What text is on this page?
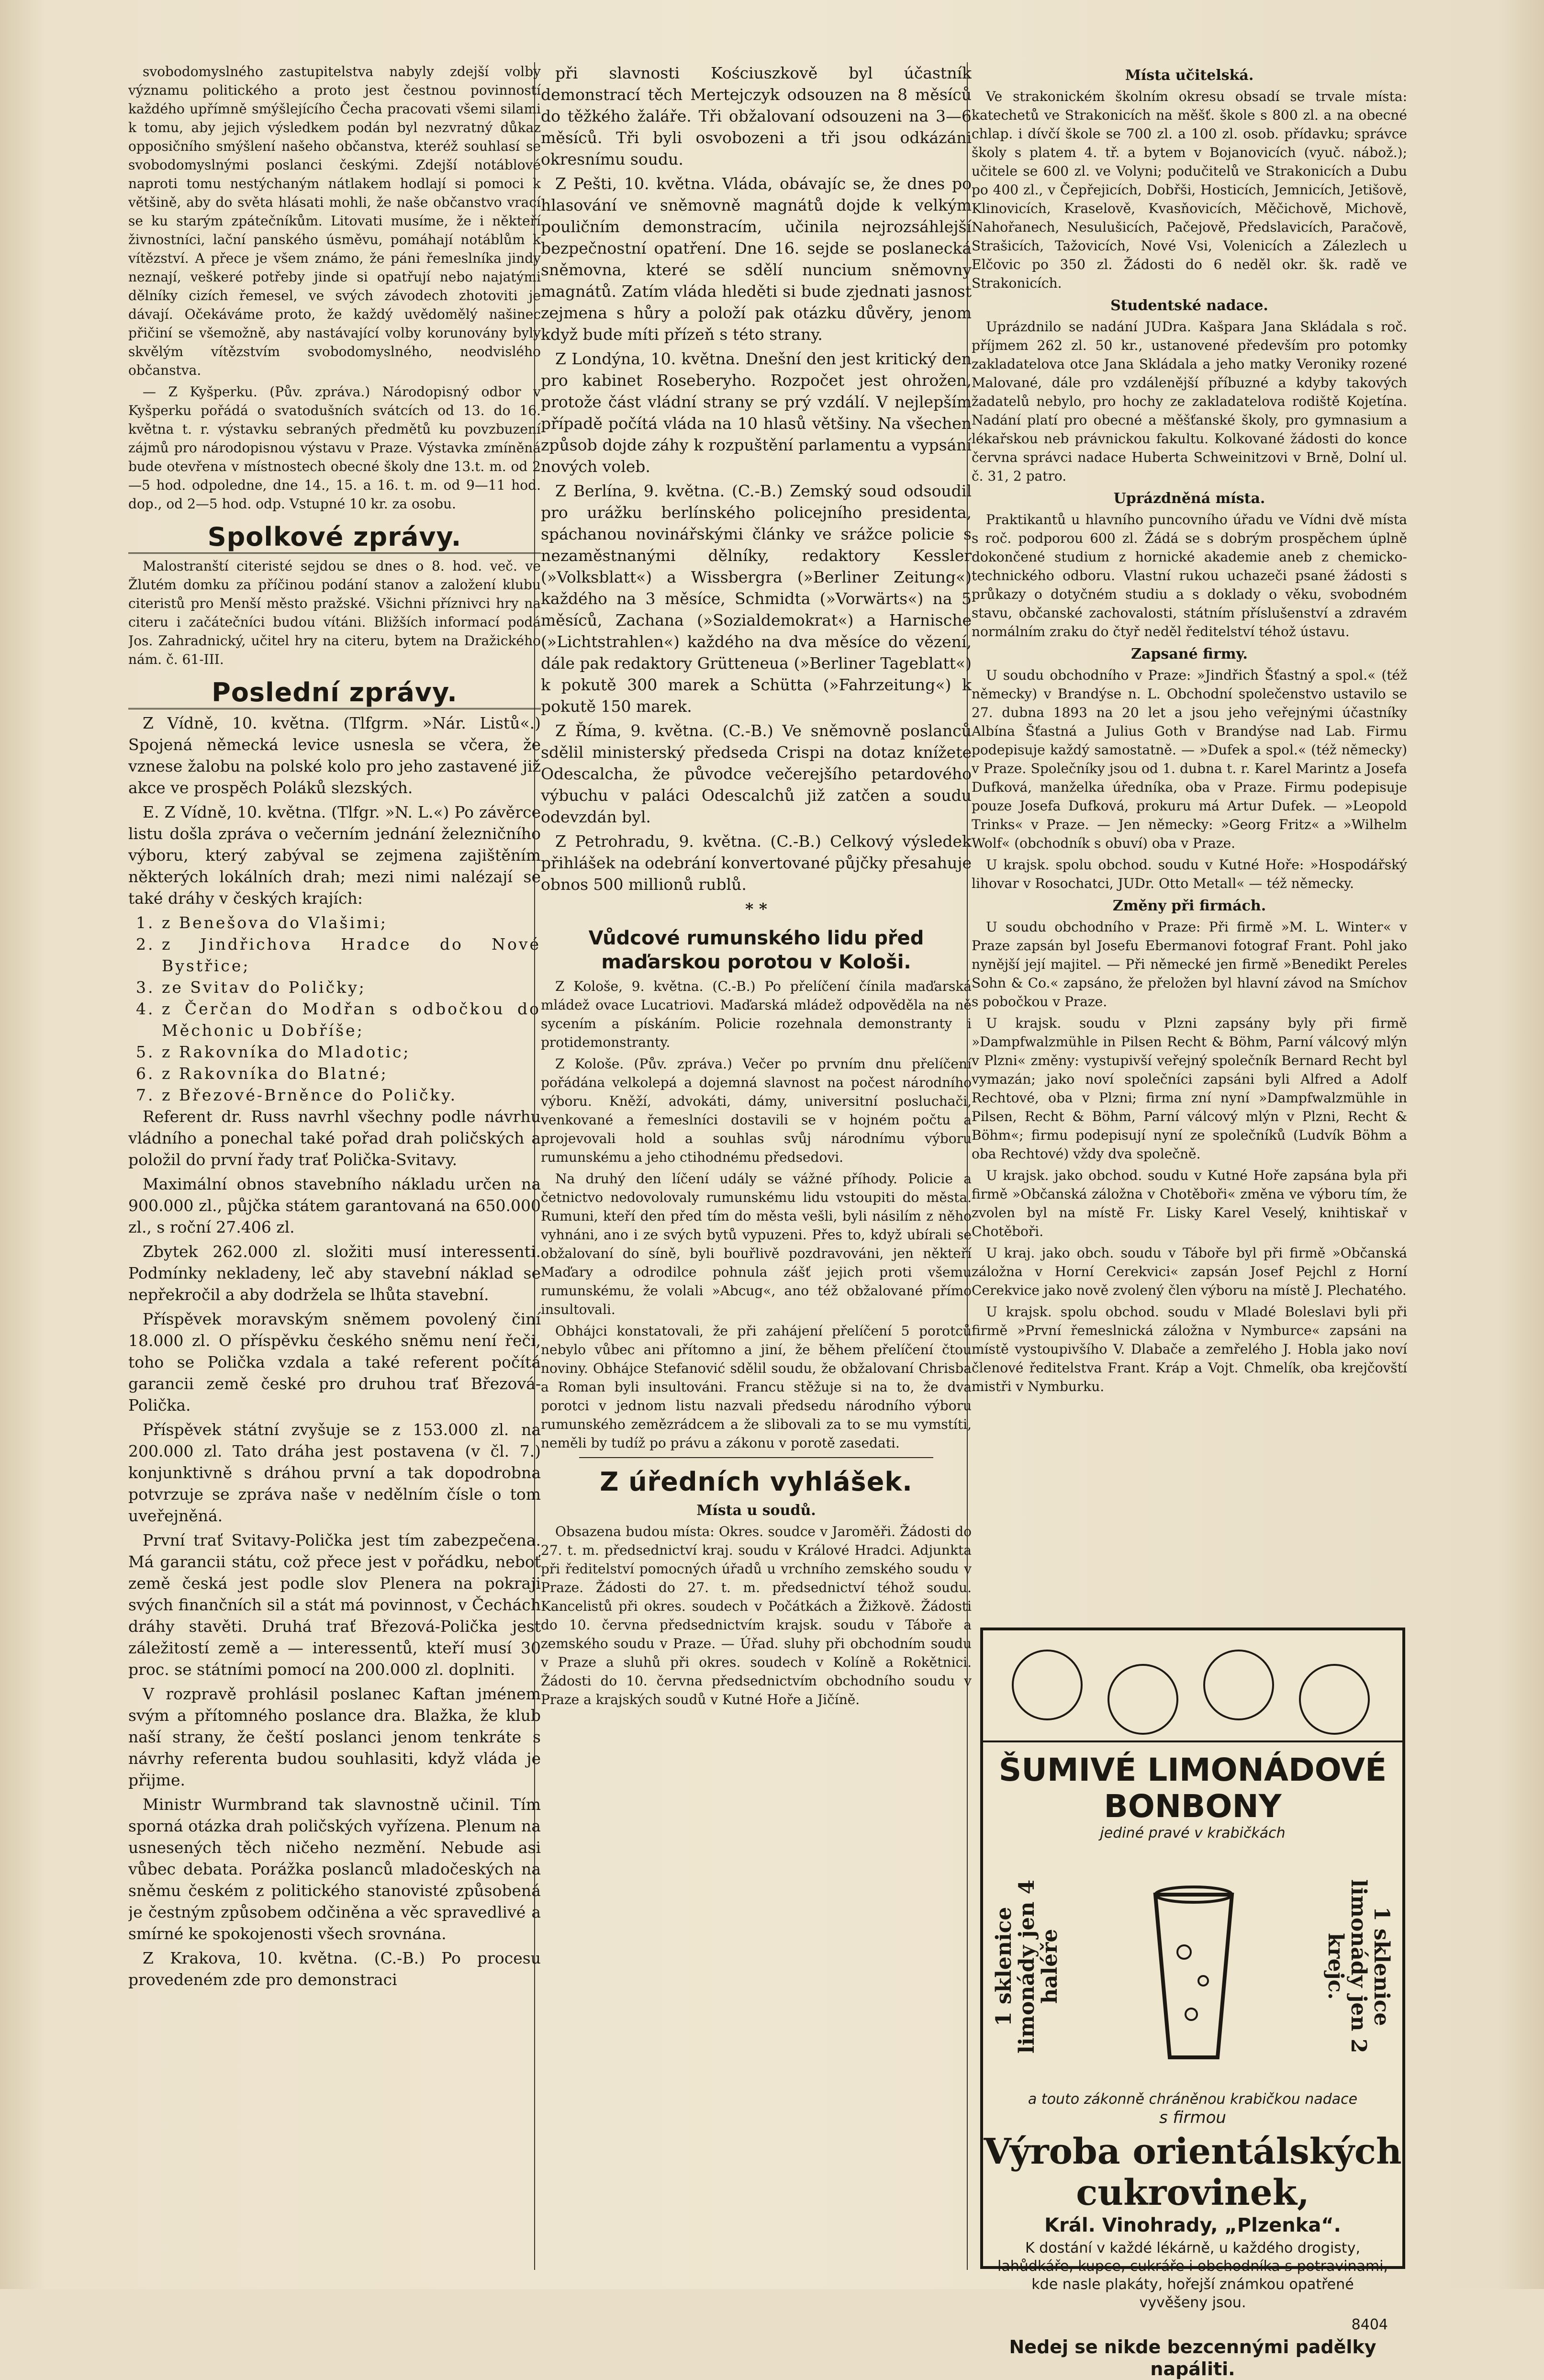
svobodomyslného zastupitelstva nabyly zdejší volby významu politického a proto jest čestnou povinností každého upřímně smýšlejícího Čecha pracovati všemi silami k tomu, aby jejich výsledkem podán byl nezvratný důkaz opposičního smýšlení našeho občanstva, kteréž souhlasí se svobodomyslnými poslanci českými. Zdejší notáblové naproti tomu nestýchaným nátlakem hodlají si pomoci k většině, aby do světa hlásati mohli, že naše občanstvo vrací se ku starým zpátečníkům. Litovati musíme, že i někteří živnostníci, lační panského úsměvu, pomáhají notáblům k vítězství. A přece je všem známo, že páni řemeslníka jindy neznají, veškeré potřeby jinde si opatřují nebo najatými dělníky cizích řemesel, ve svých závodech zhotoviti je dávají. Očekáváme proto, že každý uvědomělý našinec přičiní se všemožně, aby nastávající volby korunovány byly skvělým vítězstvím svobodomyslného, neodvislého občanstva.

— Z Kyšperku. (Pův. zpráva.) Národopisný odbor v Kyšperku pořádá o svatodušních svátcích od 13. do 16. května t. r. výstavku sebraných předmětů ku povzbuzení zájmů pro národopisnou výstavu v Praze. Výstavka zmíněná bude otevřena v místnostech obecné školy dne 13.t. m. od 2—5 hod. odpoledne, dne 14., 15. a 16. t. m. od 9—11 hod. dop., od 2—5 hod. odp. Vstupné 10 kr. za osobu.

Spolkové zprávy.

Malostranští citeristé sejdou se dnes o 8. hod. več. ve Žlutém domku za příčinou podání stanov a založení klubu citeristů pro Menší město pražské. Všichni příznivci hry na citeru i začátečníci budou vítáni. Bližších informací podá Jos. Zahradnický, učitel hry na citeru, bytem na Dražického nám. č. 61-III.

Poslední zprávy.

Z Vídně, 10. května. (Tlfgrm. »Nár. Listů«.) Spojená německá levice usnesla se včera, že vznese žalobu na polské kolo pro jeho zastavené již akce ve prospěch Poláků slezských.

E. Z Vídně, 10. května. (Tlfgr. »N. L.«) Po závěrce listu došla zpráva o večerním jednání železničního výboru, který zabýval se zejmena zajištěním některých lokálních drah; mezi nimi nalézají se také dráhy v českých krajích:

1. z Benešova do Vlašimi;
2. z Jindřichova Hradce do Nové Bystřice;
3. ze Svitav do Poličky;
4. z Čerčan do Modřan s odbočkou do Měchonic u Dobříše;
5. z Rakovníka do Mladotic;
6. z Rakovníka do Blatné;
7. z Březové-Brněnce do Poličky.

Referent dr. Russ navrhl všechny podle návrhu vládního a ponechal také pořad drah poličských a položil do první řady trať Polička-Svitavy.

Maximální obnos stavebního nákladu určen na 900.000 zl., půjčka státem garantovaná na 650.000 zl., s roční 27.406 zl.

Zbytek 262.000 zl. složiti musí interessenti. Podmínky nekladeny, leč aby stavební náklad se nepřekročil a aby dodržela se lhůta stavební.

Příspěvek moravským sněmem povolený činí 18.000 zl. O příspěvku českého sněmu není řeči, toho se Polička vzdala a také referent počítá garancii země české pro druhou trať Březová-Polička.

Příspěvek státní zvyšuje se z 153.000 zl. na 200.000 zl. Tato dráha jest postavena (v čl. 7.) konjunktivně s dráhou první a tak dopodrobna potvrzuje se zpráva naše v nedělním čísle o tom uveřejněná.

První trať Svitavy-Polička jest tím zabezpečena. Má garancii státu, což přece jest v pořádku, neboť země česká jest podle slov Plenera na pokraji svých finančních sil a stát má povinnost, v Čechách dráhy stavěti. Druhá trať Březová-Polička jest záležitostí země a — interessentů, kteří musí 30 proc. se státními pomocí na 200.000 zl. doplniti.

V rozpravě prohlásil poslanec Kaftan jménem svým a přítomného poslance dra. Blažka, že klub naší strany, že čeští poslanci jenom tenkráte s návrhy referenta budou souhlasiti, když vláda je přijme.

Ministr Wurmbrand tak slavnostně učinil. Tím sporná otázka drah poličských vyřízena. Plenum na usnesených těch ničeho nezmění. Nebude asi vůbec debata. Porážka poslanců mladočeských na sněmu českém z politického stanovisté způsobená je čestným způsobem odčiněna a věc spravedlivé a smírné ke spokojenosti všech srovnána.

Z Krakova, 10. května. (C.-B.) Po procesu provedeném zde pro demonstraci

při slavnosti Kościuszkově byl účastník demonstrací těch Mertejczyk odsouzen na 8 měsíců do těžkého žaláře. Tři obžalovaní odsouzeni na 3—6 měsíců. Tři byli osvobozeni a tři jsou odkázáni okresnímu soudu.

Z Pešti, 10. května. Vláda, obávajíc se, že dnes po hlasování ve sněmovně magnátů dojde k velkým pouličním demonstracím, učinila nejrozsáhlejší bezpečnostní opatření. Dne 16. sejde se poslanecká sněmovna, které se sdělí nuncium sněmovny magnátů. Zatím vláda hleděti si bude zjednati jasnost zejmena s hůry a položí pak otázku důvěry, jenom když bude míti přízeň s této strany.

Z Londýna, 10. května. Dnešní den jest kritický den pro kabinet Roseberyho. Rozpočet jest ohrožen, protože část vládní strany se prý vzdálí. V nejlepším případě počítá vláda na 10 hlasů většiny. Na všechen způsob dojde záhy k rozpuštění parlamentu a vypsání nových voleb.

Z Berlína, 9. května. (C.-B.) Zemský soud odsoudil pro urážku berlínského policejního presidenta, spáchanou novinářskými články ve srážce policie s nezaměstnanými dělníky, redaktory Kessler (»Volksblatt«) a Wissbergra (»Berliner Zeitung«) každého na 3 měsíce, Schmidta (»Vorwärts«) na 5 měsíců, Zachana (»Sozialdemokrat«) a Harnische (»Lichtstrahlen«) každého na dva měsíce do vězení, dále pak redaktory Grütteneua (»Berliner Tageblatt«) k pokutě 300 marek a Schütta (»Fahrzeitung«) k pokutě 150 marek.

Z Říma, 9. května. (C.-B.) Ve sněmovně poslanců sdělil ministerský předseda Crispi na dotaz knížete Odescalcha, že původce večerejšího petardového výbuchu v paláci Odescalchů již zatčen a soudu odevzdán byl.

Z Petrohradu, 9. května. (C.-B.) Celkový výsledek přihlášek na odebrání konvertované půjčky přesahuje obnos 500 millionů rublů.

* *
Vůdcové rumunského lidu před maďarskou porotou v Kološi.

Z Kološe, 9. května. (C.-B.) Po přelíčení čínila maďarská mládež ovace Lucatriovi. Maďarská mládež odpověděla na ně sycením a pískáním. Policie rozehnala demonstranty i protidemonstranty.

Z Kološe. (Pův. zpráva.) Večer po prvním dnu přelíčení pořádána velkolepá a dojemná slavnost na počest národního výboru. Kněží, advokáti, dámy, universitní posluchači, venkované a řemeslníci dostavili se v hojném počtu a projevovali hold a souhlas svůj národnímu výboru rumunskému a jeho ctihodnému předsedovi.

Na druhý den líčení udály se vážné příhody. Policie a četnictvo nedovolovaly rumunskému lidu vstoupiti do města. Rumuni, kteří den před tím do města vešli, byli násilím z něho vyhnáni, ano i ze svých bytů vypuzeni. Přes to, když ubírali se obžalovaní do síně, byli bouřlivě pozdravováni, jen někteří Maďary a odrodilce pohnula zášť jejich proti všemu rumunskému, že volali »Abcug«, ano též obžalované přímo insultovali.

Obhájci konstatovali, že při zahájení přelíčení 5 porotců nebylo vůbec ani přítomno a jiní, že během přelíčení čtou noviny. Obhájce Stefanović sdělil soudu, že obžalovaní Chrisba a Roman byli insultováni. Francu stěžuje si na to, že dva porotci v jednom listu nazvali předsedu národního výboru rumunského zemězrádcem a že slibovali za to se mu vymstíti, neměli by tudíž po právu a zákonu v porotě zasedati.

Z úředních vyhlášek.
Místa u soudů.

Obsazena budou místa: Okres. soudce v Jaroměři. Žádosti do 27. t. m. předsednictví kraj. soudu v Králové Hradci. Adjunkta při ředitelství pomocných úřadů u vrchního zemského soudu v Praze. Žádosti do 27. t. m. předsednictví téhož soudu. Kancelistů při okres. soudech v Počátkách a Žižkově. Žádosti do 10. června předsednictvím krajsk. soudu v Táboře a zemského soudu v Praze. — Úřad. sluhy při obchodním soudu v Praze a sluhů při okres. soudech v Kolíně a Rokětnici. Žádosti do 10. června předsednictvím obchodního soudu v Praze a krajských soudů v Kutné Hoře a Jičíně.

Místa učitelská.

Ve strakonickém školním okresu obsadí se trvale místa: katechetů ve Strakonicích na měšť. škole s 800 zl. a na obecné chlap. i dívčí škole se 700 zl. a 100 zl. osob. přídavku; správce školy s platem 4. tř. a bytem v Bojanovicích (vyuč. nábož.); učitele se 600 zl. ve Volyni; podučitelů ve Strakonicích a Dubu po 400 zl., v Čepřejicích, Dobřši, Hosticích, Jemnicích, Jetišově, Klinovicích, Kraselově, Kvasňovicích, Měčichově, Michově, Nahořanech, Nesulušicích, Pačejově, Předslavicích, Paračově, Strašicích, Tažovicích, Nové Vsi, Volenicích a Zálezlech u Elčovic po 350 zl. Žádosti do 6 neděl okr. šk. radě ve Strakonicích.

Studentské nadace.

Uprázdnilo se nadání JUDra. Kašpara Jana Skládala s roč. příjmem 262 zl. 50 kr., ustanovené především pro potomky zakladatelova otce Jana Skládala a jeho matky Veroniky rozené Malované, dále pro vzdálenější příbuzné a kdyby takových žadatelů nebylo, pro hochy ze zakladatelova rodiště Kojetína. Nadání platí pro obecné a měšťanské školy, pro gymnasium a lékařskou neb právnickou fakultu. Kolkované žádosti do konce června správci nadace Huberta Schweinitzovi v Brně, Dolní ul. č. 31, 2 patro.

Uprázdněná místa.

Praktikantů u hlavního puncovního úřadu ve Vídni dvě místa s roč. podporou 600 zl. Žádá se s dobrým prospěchem úplně dokončené studium z hornické akademie aneb z chemicko-technického odboru. Vlastní rukou uchazeči psané žádosti s průkazy o dotyčném studiu a s doklady o věku, svobodném stavu, občanské zachovalosti, státním příslušenství a zdravém normálním zraku do čtyř neděl ředitelství téhož ústavu.

Zapsané firmy.

U soudu obchodního v Praze: »Jindřich Šťastný a spol.« (též německy) v Brandýse n. L. Obchodní společenstvo ustavilo se 27. dubna 1893 na 20 let a jsou jeho veřejnými účastníky Albína Šťastná a Julius Goth v Brandýse nad Lab. Firmu podepisuje každý samostatně. — »Dufek a spol.« (též německy) v Praze. Společníky jsou od 1. dubna t. r. Karel Marintz a Josefa Dufková, manželka úředníka, oba v Praze. Firmu podepisuje pouze Josefa Dufková, prokuru má Artur Dufek. — »Leopold Trinks« v Praze. — Jen německy: »Georg Fritz« a »Wilhelm Wolf« (obchodník s obuví) oba v Praze.

U krajsk. spolu obchod. soudu v Kutné Hoře: »Hospodářský lihovar v Rosochatci, JUDr. Otto Metall« — též německy.

Změny při firmách.

U soudu obchodního v Praze: Při firmě »M. L. Winter« v Praze zapsán byl Josefu Ebermanovi fotograf Frant. Pohl jako nynější její majitel. — Při německé jen firmě »Benedikt Pereles Sohn & Co.« zapsáno, že přeložen byl hlavní závod na Smíchov s pobočkou v Praze.

U krajsk. soudu v Plzni zapsány byly při firmě »Dampfwalzmühle in Pilsen Recht & Böhm, Parní válcový mlýn v Plzni« změny: vystupivší veřejný společník Bernard Recht byl vymazán; jako noví společníci zapsáni byli Alfred a Adolf Rechtové, oba v Plzni; firma zní nyní »Dampfwalzmühle in Pilsen, Recht & Böhm, Parní válcový mlýn v Plzni, Recht & Böhm«; firmu podepisují nyní ze společníků (Ludvík Böhm a oba Rechtové) vždy dva společně.

U krajsk. jako obchod. soudu v Kutné Hoře zapsána byla při firmě »Občanská záložna v Chotěboři« změna ve výboru tím, že zvolen byl na místě Fr. Lisky Karel Veselý, knihtiskař v Chotěboři.

U kraj. jako obch. soudu v Táboře byl při firmě »Občanská záložna v Horní Cerekvici« zapsán Josef Pejchl z Horní Cerekvice jako nově zvolený člen výboru na místě J. Plechatého.

U krajsk. spolu obchod. soudu v Mladé Boleslavi byli při firmě »První řemeslnická záložna v Nymburce« zapsáni na místě vystoupivšího V. Dlabače a zemřelého J. Hobla jako noví členové ředitelstva Frant. Kráp a Vojt. Chmelík, oba krejčovští mistři v Nymburku.

ŠUMIVÉ LIMONÁDOVÉ BONBONY
jediné pravé v krabičkách
1 sklenice limonády jen 4 haléře	1 sklenice limonády jen 2 krejc.
a touto zákonně chráněnou krabičkou nadace
s firmou
Výroba orientálských cukrovinek,
Král. Vinohrady, „Plzenka“.
K dostání v každé lékárně, u každého drogisty, lahůdkáře, kupce, cukráře i obchodníka s potravinami, kde nasle plakáty, hořejší známkou opatřené vyvěšeny jsou.
8404
Nedej se nikde bezcennými padělky napáliti.
